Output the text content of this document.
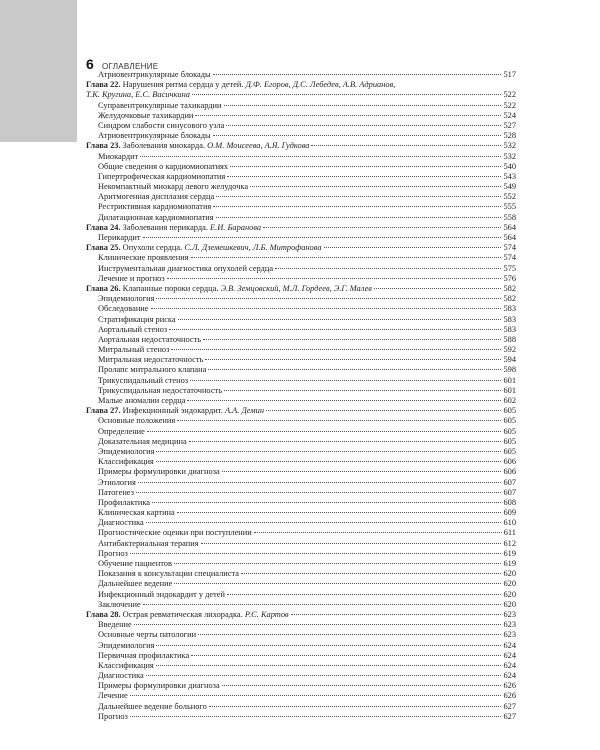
6	ОГЛАВЛЕНИЕ
Атриовентрикулярные блокады	517
Глава 22. Нарушения ритма сердца у детей. Д.Ф. Егоров, Д.С. Лебедев, А.В. Адрианов,
Т.К. Кругина, Е.С. Васичкина	522
Суправентрикулярные тахикардии	522
Желудочковые тахикардии	524
Синдром слабости синусового узла	527
Атриовентрикулярные блокады	528
Глава 23. Заболевания миокарда. О.М. Моисеева, А.Я. Гудкова	532
Миокардит	532
Общие сведения о кардиомиопатиях	540
Гипертрофическая кардиомиопатия	543
Некомпактный миокард левого желудочка	549
Аритмогенная дисплазия сердца	552
Рестриктивная кардиомиопатия	555
Дилатационная кардиомиопатия	558
Глава 24. Заболевания перикарда. Е.И. Баранова	564
Перикардит	564
Глава 25. Опухоли сердца. С.Л. Дземешкевич, Л.Б. Митрофанова	574
Клинические проявления	574
Инструментальная диагностика опухолей сердца	575
Лечение и прогноз	576
Глава 26. Клапанные пороки сердца. Э.В. Земцовский, М.Л. Гордеев, Э.Г. Малев	582
Эпидемиология	582
Обследование	583
Стратификация риска	583
Аортальный стеноз	583
Аортальная недостаточность	588
Митральный стеноз	592
Митральная недостаточность	594
Пролапс митрального клапана	598
Трикуспидальный стеноз	601
Трикуспидальная недостаточность	601
Малые аномалии сердца	602
Глава 27. Инфекционный эндокардит. А.А. Демин	605
Основные положения	605
Определение	605
Доказательная медицина	605
Эпидемиология	605
Классификация	606
Примеры формулировки диагноза	606
Этиология	607
Патогенез	607
Профилактика	608
Клиническая картина	609
Диагностика	610
Прогностические оценки при поступлении	611
Антибактериальная терапия	612
Прогноз	619
Обучение пациентов	619
Показания к консультации специалиста	620
Дальнейшее ведение	620
Инфекционный эндокардит у детей	620
Заключение	620
Глава 28. Острая ревматическая лихорадка. Р.С. Картов	623
Введение	623
Основные черты патологии	623
Эпидемиология	624
Первичная профилактика	624
Классификация	624
Диагностика	624
Примеры формулировки диагноза	626
Лечение	626
Дальнейшее ведение больного	627
Прогноз	627
